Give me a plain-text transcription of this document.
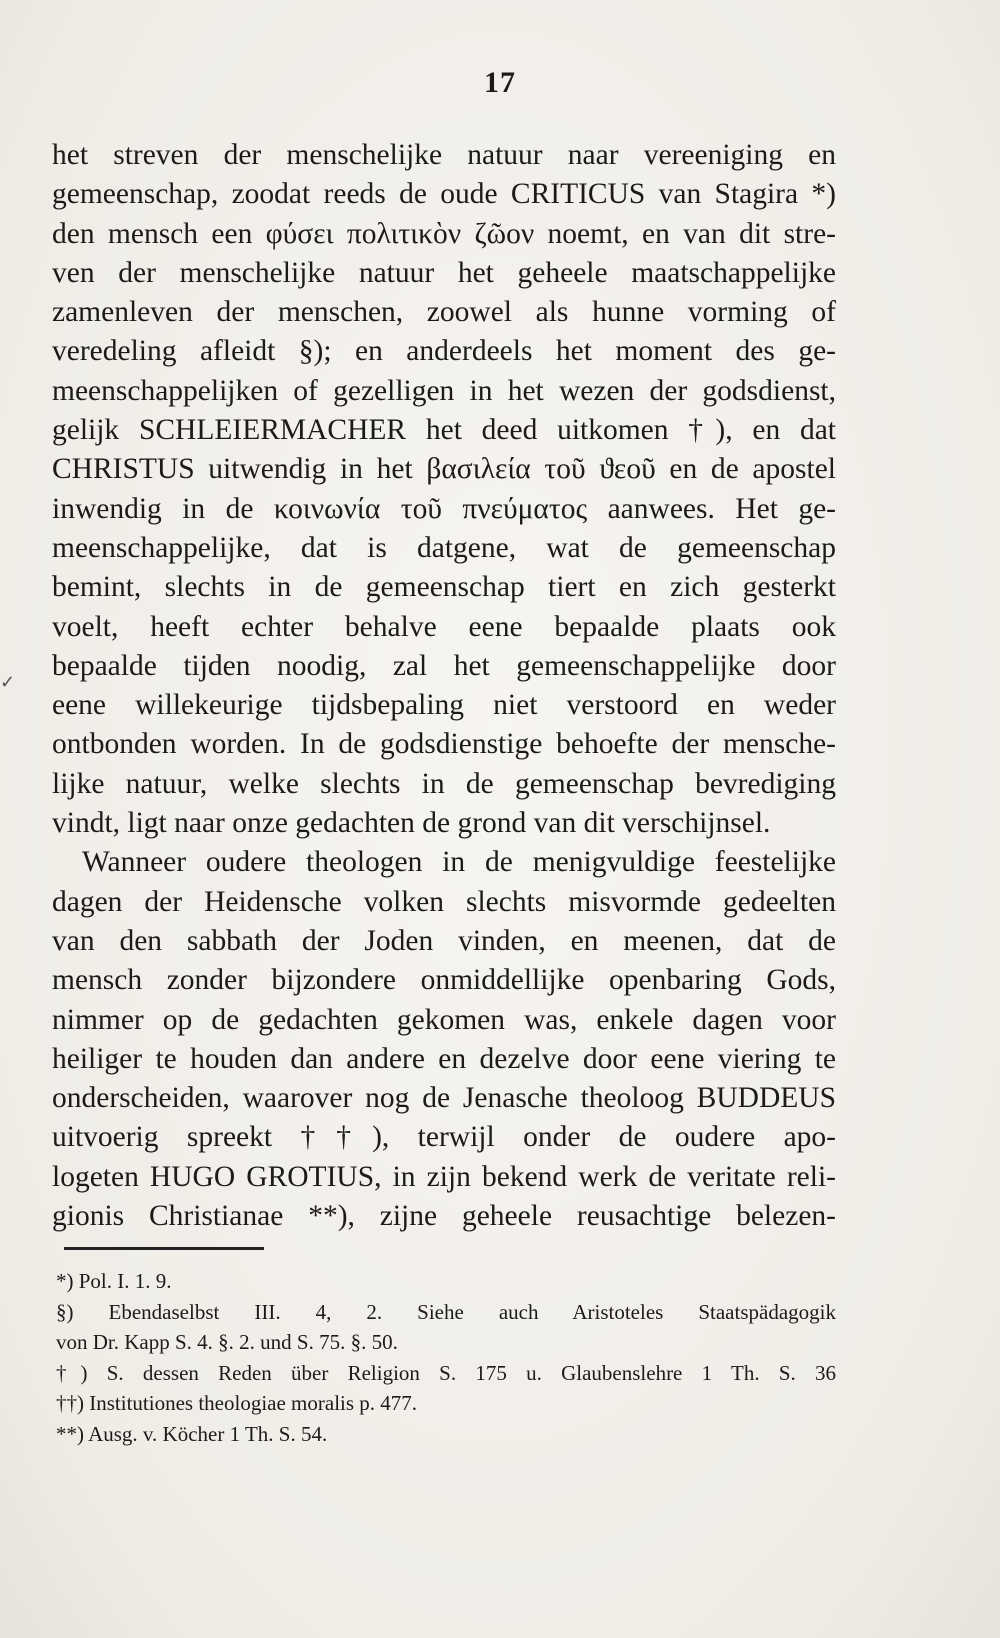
17
het streven der menschelijke natuur naar vereeniging en
gemeenschap, zoodat reeds de oude CRITICUS van Stagira *)
den mensch een φύσει πολιτικὸν ζῶον noemt, en van dit stre-
ven der menschelijke natuur het geheele maatschappelijke
zamenleven der menschen, zoowel als hunne vorming of
veredeling afleidt §); en anderdeels het moment des ge-
meenschappelijken of gezelligen in het wezen der godsdienst,
gelijk SCHLEIERMACHER het deed uitkomen †), en dat
CHRISTUS uitwendig in het βασιλεία τοῦ ϑεοῦ en de apostel
inwendig in de κοινωνία τοῦ πνεύματος aanwees. Het ge-
meenschappelijke, dat is datgene, wat de gemeenschap
bemint, slechts in de gemeenschap tiert en zich gesterkt
voelt, heeft echter behalve eene bepaalde plaats ook
bepaalde tijden noodig, zal het gemeenschappelijke door
eene willekeurige tijdsbepaling niet verstoord en weder
ontbonden worden. In de godsdienstige behoefte der mensche-
lijke natuur, welke slechts in de gemeenschap bevrediging
vindt, ligt naar onze gedachten de grond van dit verschijnsel.
Wanneer oudere theologen in de menigvuldige feestelijke
dagen der Heidensche volken slechts misvormde gedeelten
van den sabbath der Joden vinden, en meenen, dat de
mensch zonder bijzondere onmiddellijke openbaring Gods,
nimmer op de gedachten gekomen was, enkele dagen voor
heiliger te houden dan andere en dezelve door eene viering te
onderscheiden, waarover nog de Jenasche theoloog BUDDEUS
uitvoerig spreekt ††), terwijl onder de oudere apo-
logeten HUGO GROTIUS, in zijn bekend werk de veritate reli-
gionis Christianae **), zijne geheele reusachtige belezen-
*) Pol. I. 1. 9.
§) Ebendaselbst III. 4, 2. Siehe auch Aristoteles Staatspädagogik
von Dr. Kapp S. 4. §. 2. und S. 75. §. 50.
†) S. dessen Reden über Religion S. 175 u. Glaubenslehre 1 Th. S. 36
††) Institutiones theologiae moralis p. 477.
**) Ausg. v. Köcher 1 Th. S. 54.
✓
